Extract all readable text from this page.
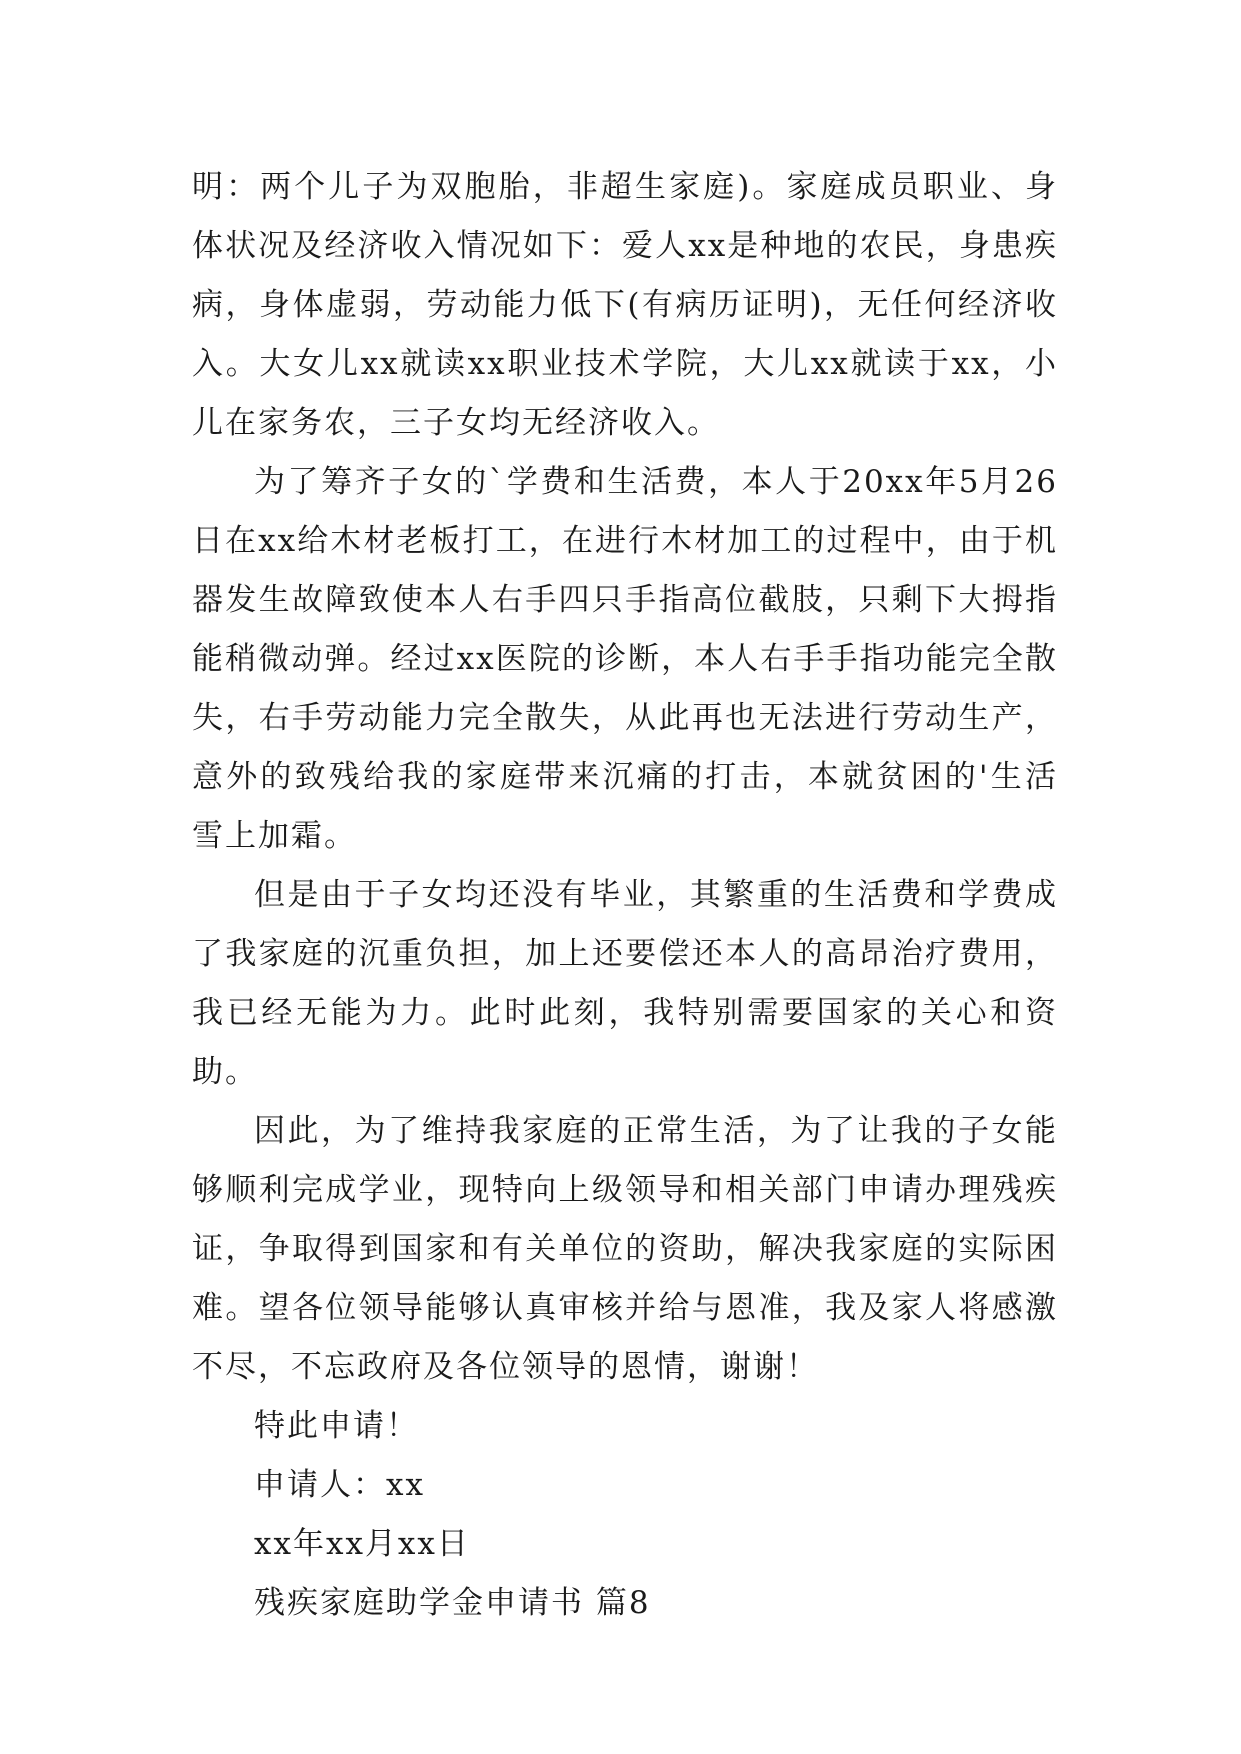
明：两个儿子为双胞胎，非超生家庭)。家庭成员职业、身体状况及经济收入情况如下：爱人xx是种地的农民，身患疾病，身体虚弱，劳动能力低下(有病历证明)，无任何经济收入。大女儿xx就读xx职业技术学院，大儿xx就读于xx，小儿在家务农，三子女均无经济收入。

为了筹齐子女的`学费和生活费，本人于20xx年5月26日在xx给木材老板打工，在进行木材加工的过程中，由于机器发生故障致使本人右手四只手指高位截肢，只剩下大拇指能稍微动弹。经过xx医院的诊断，本人右手手指功能完全散失，右手劳动能力完全散失，从此再也无法进行劳动生产，意外的致残给我的家庭带来沉痛的打击，本就贫困的'生活雪上加霜。

但是由于子女均还没有毕业，其繁重的生活费和学费成了我家庭的沉重负担，加上还要偿还本人的高昂治疗费用，我已经无能为力。此时此刻，我特别需要国家的关心和资助。

因此，为了维持我家庭的正常生活，为了让我的子女能够顺利完成学业，现特向上级领导和相关部门申请办理残疾证，争取得到国家和有关单位的资助，解决我家庭的实际困难。望各位领导能够认真审核并给与恩准，我及家人将感激不尽，不忘政府及各位领导的恩情，谢谢！

特此申请！

申请人：xx

xx年xx月xx日

残疾家庭助学金申请书 篇8
